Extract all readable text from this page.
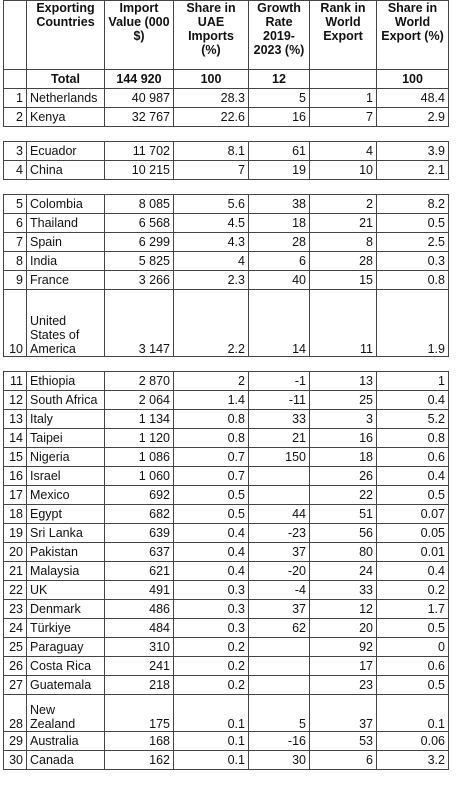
	Exporting Countries	Import Value (000 $)	Share in UAE Imports (%)	Growth Rate 2019-2023 (%)	Rank in World Export	Share in World Export (%)
	Total	144 920	100	12		100
1	Netherlands	40 987	28.3	5	1	48.4
2	Kenya	32 767	22.6	16	7	2.9

3	Ecuador	11 702	8.1	61	4	3.9
4	China	10 215	7	19	10	2.1

5	Colombia	8 085	5.6	38	2	8.2
6	Thailand	6 568	4.5	18	21	0.5
7	Spain	6 299	4.3	28	8	2.5
8	India	5 825	4	6	28	0.3
9	France	3 266	2.3	40	15	0.8
10	United States of America	3 147	2.2	14	11	1.9

11	Ethiopia	2 870	2	-1	13	1
12	South Africa	2 064	1.4	-11	25	0.4
13	Italy	1 134	0.8	33	3	5.2
14	Taipei	1 120	0.8	21	16	0.8
15	Nigeria	1 086	0.7	150	18	0.6
16	Israel	1 060	0.7		26	0.4
17	Mexico	692	0.5		22	0.5
18	Egypt	682	0.5	44	51	0.07
19	Sri Lanka	639	0.4	-23	56	0.05
20	Pakistan	637	0.4	37	80	0.01
21	Malaysia	621	0.4	-20	24	0.4
22	UK	491	0.3	-4	33	0.2
23	Denmark	486	0.3	37	12	1.7
24	Türkiye	484	0.3	62	20	0.5
25	Paraguay	310	0.2		92	0
26	Costa Rica	241	0.2		17	0.6
27	Guatemala	218	0.2		23	0.5
28	New Zealand	175	0.1	5	37	0.1
29	Australia	168	0.1	-16	53	0.06
30	Canada	162	0.1	30	6	3.2
